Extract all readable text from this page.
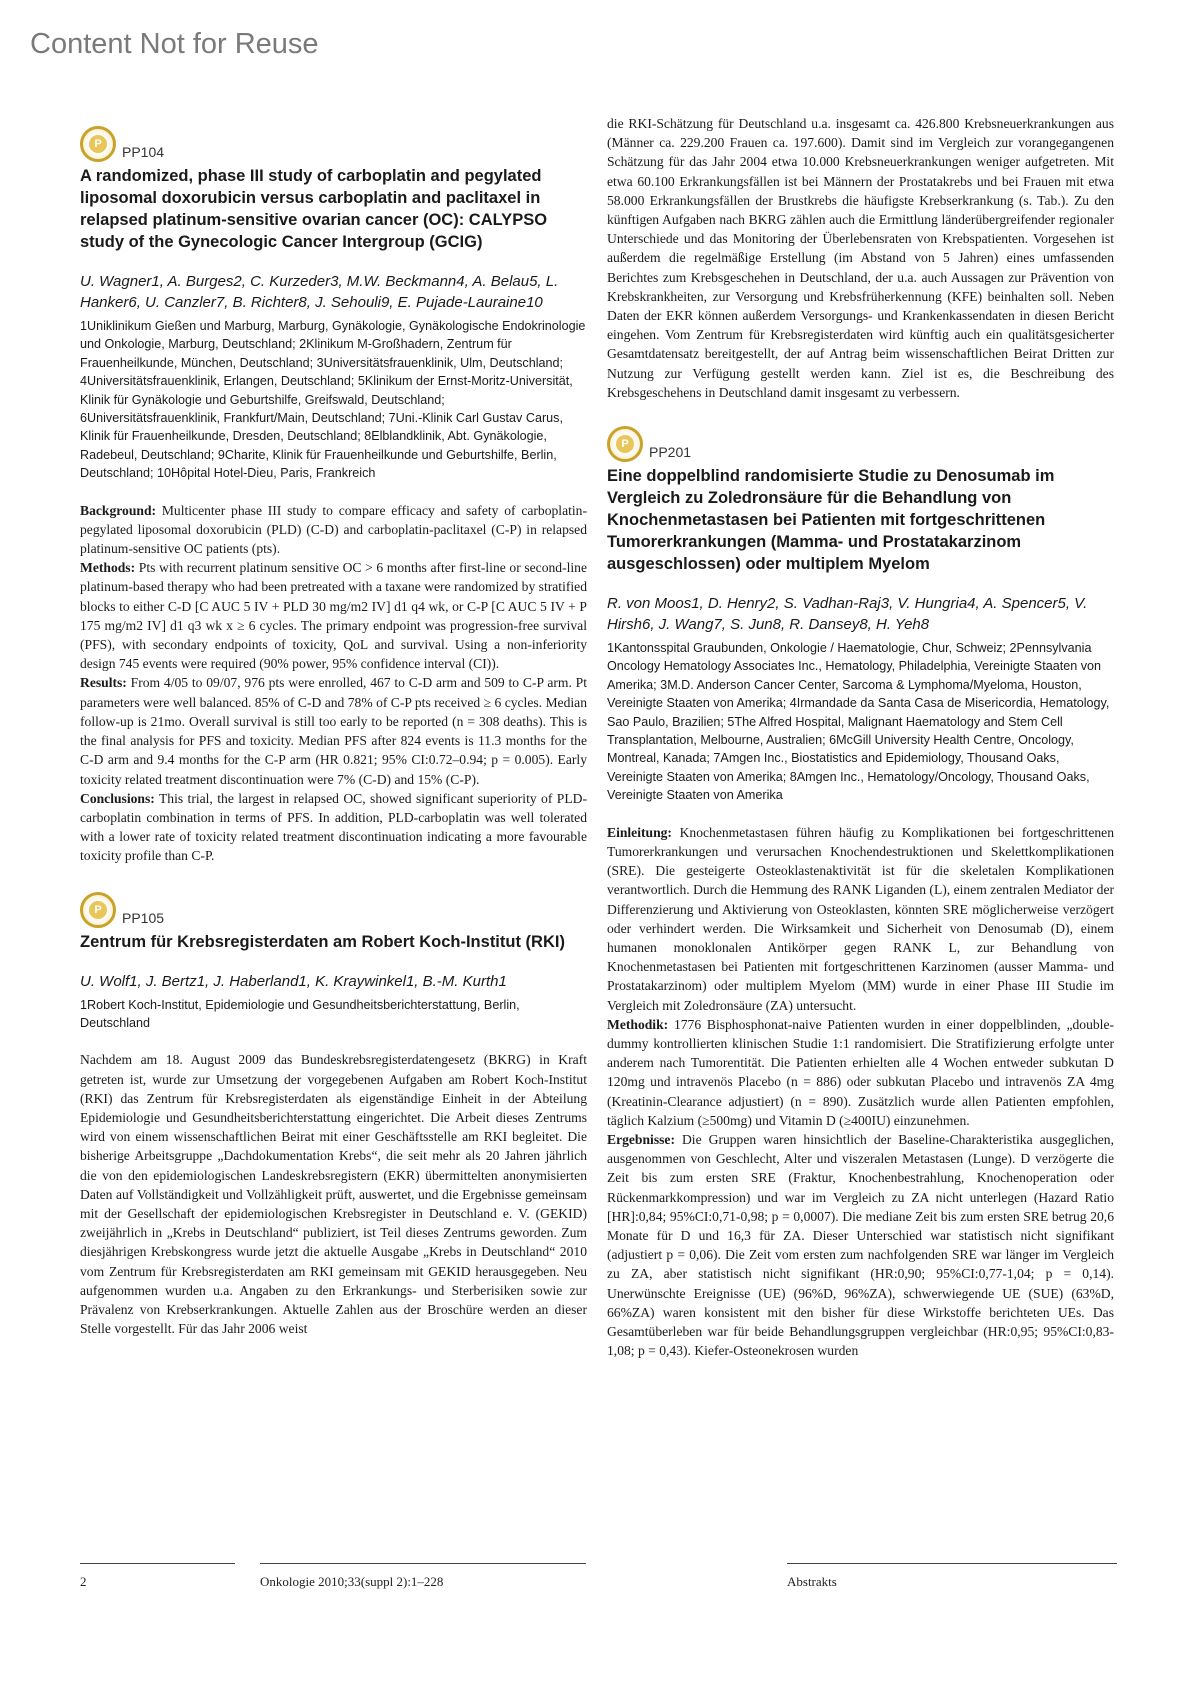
Content Not for Reuse
P	PP104

A randomized, phase III study of carboplatin and pegylated liposomal doxorubicin versus carboplatin and paclitaxel in relapsed platinum-sensitive ovarian cancer (OC): CALYPSO study of the Gynecologic Cancer Intergroup (GCIG)

U. Wagner1, A. Burges2, C. Kurzeder3, M.W. Beckmann4, A. Belau5, L. Hanker6, U. Canzler7, B. Richter8, J. Sehouli9, E. Pujade-Lauraine10

1Uniklinikum Gießen und Marburg, Marburg, Gynäkologie, Gynäkologische Endokrinologie und Onkologie, Marburg, Deutschland; 2Klinikum M-Großhadern, Zentrum für Frauenheilkunde, München, Deutschland; 3Universitätsfrauenklinik, Ulm, Deutschland; 4Universitätsfrauenklinik, Erlangen, Deutschland; 5Klinikum der Ernst-Moritz-Universität, Klinik für Gynäkologie und Geburtshilfe, Greifswald, Deutschland; 6Universitätsfrauenklinik, Frankfurt/Main, Deutschland; 7Uni.-Klinik Carl Gustav Carus, Klinik für Frauenheilkunde, Dresden, Deutschland; 8Elblandklinik, Abt. Gynäkologie, Radebeul, Deutschland; 9Charite, Klinik für Frauenheilkunde und Geburtshilfe, Berlin, Deutschland; 10Hôpital Hotel-Dieu, Paris, Frankreich

Background: Multicenter phase III study to compare efficacy and safety of carboplatin-pegylated liposomal doxorubicin (PLD) (C-D) and carboplatin-paclitaxel (C-P) in relapsed platinum-sensitive OC patients (pts).
Methods: Pts with recurrent platinum sensitive OC > 6 months after first-line or second-line platinum-based therapy who had been pretreated with a taxane were randomized by stratified blocks to either C-D [C AUC 5 IV + PLD 30 mg/m2 IV] d1 q4 wk, or C-P [C AUC 5 IV + P 175 mg/m2 IV] d1 q3 wk x ≥ 6 cycles. The primary endpoint was progression-free survival (PFS), with secondary endpoints of toxicity, QoL and survival. Using a non-inferiority design 745 events were required (90% power, 95% confidence interval (CI)).
Results: From 4/05 to 09/07, 976 pts were enrolled, 467 to C-D arm and 509 to C-P arm. Pt parameters were well balanced. 85% of C-D and 78% of C-P pts received ≥ 6 cycles. Median follow-up is 21mo. Overall survival is still too early to be reported (n = 308 deaths). This is the final analysis for PFS and toxicity. Median PFS after 824 events is 11.3 months for the C-D arm and 9.4 months for the C-P arm (HR 0.821; 95% CI:0.72–0.94; p = 0.005). Early toxicity related treatment discontinuation were 7% (C-D) and 15% (C-P).
Conclusions: This trial, the largest in relapsed OC, showed significant superiority of PLD-carboplatin combination in terms of PFS. In addition, PLD-carboplatin was well tolerated with a lower rate of toxicity related treatment discontinuation indicating a more favourable toxicity profile than C-P.

P	PP105

Zentrum für Krebsregisterdaten am Robert Koch-Institut (RKI)

U. Wolf1, J. Bertz1, J. Haberland1, K. Kraywinkel1, B.-M. Kurth1

1Robert Koch-Institut, Epidemiologie und Gesundheitsberichterstattung, Berlin, Deutschland

Nachdem am 18. August 2009 das Bundeskrebsregisterdatengesetz (BKRG) in Kraft getreten ist, wurde zur Umsetzung der vorgegebenen Aufgaben am Robert Koch-Institut (RKI) das Zentrum für Krebsregisterdaten als eigenständige Einheit in der Abteilung Epidemiologie und Gesundheitsberichterstattung eingerichtet. Die Arbeit dieses Zentrums wird von einem wissenschaftlichen Beirat mit einer Geschäftsstelle am RKI begleitet. Die bisherige Arbeitsgruppe „Dachdokumentation Krebs“, die seit mehr als 20 Jahren jährlich die von den epidemiologischen Landeskrebsregistern (EKR) übermittelten anonymisierten Daten auf Vollständigkeit und Vollzähligkeit prüft, auswertet, und die Ergebnisse gemeinsam mit der Gesellschaft der epidemiologischen Krebsregister in Deutschland e. V. (GEKID) zweijährlich in „Krebs in Deutschland“ publiziert, ist Teil dieses Zentrums geworden. Zum diesjährigen Krebskongress wurde jetzt die aktuelle Ausgabe „Krebs in Deutschland“ 2010 vom Zentrum für Krebsregisterdaten am RKI gemeinsam mit GEKID herausgegeben. Neu aufgenommen wurden u.a. Angaben zu den Erkrankungs- und Sterberisiken sowie zur Prävalenz von Krebserkrankungen. Aktuelle Zahlen aus der Broschüre werden an dieser Stelle vorgestellt. Für das Jahr 2006 weist

die RKI-Schätzung für Deutschland u.a. insgesamt ca. 426.800 Krebsneuerkrankungen aus (Männer ca. 229.200 Frauen ca. 197.600). Damit sind im Vergleich zur vorangegangenen Schätzung für das Jahr 2004 etwa 10.000 Krebsneuerkrankungen weniger aufgetreten. Mit etwa 60.100 Erkrankungsfällen ist bei Männern der Prostatakrebs und bei Frauen mit etwa 58.000 Erkrankungsfällen der Brustkrebs die häufigste Krebserkrankung (s. Tab.). Zu den künftigen Aufgaben nach BKRG zählen auch die Ermittlung länderübergreifender regionaler Unterschiede und das Monitoring der Überlebensraten von Krebspatienten. Vorgesehen ist außerdem die regelmäßige Erstellung (im Abstand von 5 Jahren) eines umfassenden Berichtes zum Krebsgeschehen in Deutschland, der u.a. auch Aussagen zur Prävention von Krebskrankheiten, zur Versorgung und Krebsfrüherkennung (KFE) beinhalten soll. Neben Daten der EKR können außerdem Versorgungs- und Krankenkassendaten in diesen Bericht eingehen. Vom Zentrum für Krebsregisterdaten wird künftig auch ein qualitätsgesicherter Gesamtdatensatz bereitgestellt, der auf Antrag beim wissenschaftlichen Beirat Dritten zur Nutzung zur Verfügung gestellt werden kann. Ziel ist es, die Beschreibung des Krebsgeschehens in Deutschland damit insgesamt zu verbessern.

P	PP201

Eine doppelblind randomisierte Studie zu Denosumab im Vergleich zu Zoledronsäure für die Behandlung von Knochenmetastasen bei Patienten mit fortgeschrittenen Tumorerkrankungen (Mamma- und Prostatakarzinom ausgeschlossen) oder multiplem Myelom

R. von Moos1, D. Henry2, S. Vadhan-Raj3, V. Hungria4, A. Spencer5, V. Hirsh6, J. Wang7, S. Jun8, R. Dansey8, H. Yeh8

1Kantonsspital Graubunden, Onkologie / Haematologie, Chur, Schweiz; 2Pennsylvania Oncology Hematology Associates Inc., Hematology, Philadelphia, Vereinigte Staaten von Amerika; 3M.D. Anderson Cancer Center, Sarcoma & Lymphoma/Myeloma, Houston, Vereinigte Staaten von Amerika; 4Irmandade da Santa Casa de Misericordia, Hematology, Sao Paulo, Brazilien; 5The Alfred Hospital, Malignant Haematology and Stem Cell Transplantation, Melbourne, Australien; 6McGill University Health Centre, Oncology, Montreal, Kanada; 7Amgen Inc., Biostatistics and Epidemiology, Thousand Oaks, Vereinigte Staaten von Amerika; 8Amgen Inc., Hematology/Oncology, Thousand Oaks, Vereinigte Staaten von Amerika

Einleitung: Knochenmetastasen führen häufig zu Komplikationen bei fortgeschrittenen Tumorerkrankungen und verursachen Knochendestruktionen und Skelettkomplikationen (SRE). Die gesteigerte Osteoklastenaktivität ist für die skeletalen Komplikationen verantwortlich. Durch die Hemmung des RANK Liganden (L), einem zentralen Mediator der Differenzierung und Aktivierung von Osteoklasten, könnten SRE möglicherweise verzögert oder verhindert werden. Die Wirksamkeit und Sicherheit von Denosumab (D), einem humanen monoklonalen Antikörper gegen RANK L, zur Behandlung von Knochenmetastasen bei Patienten mit fortgeschrittenen Karzinomen (ausser Mamma- und Prostatakarzinom) oder multiplem Myelom (MM) wurde in einer Phase III Studie im Vergleich mit Zoledronsäure (ZA) untersucht.
Methodik: 1776 Bisphosphonat-naive Patienten wurden in einer doppelblinden, „double-dummy kontrollierten klinischen Studie 1:1 randomisiert. Die Stratifizierung erfolgte unter anderem nach Tumorentität. Die Patienten erhielten alle 4 Wochen entweder subkutan D 120mg und intravenös Placebo (n = 886) oder subkutan Placebo und intravenös ZA 4mg (Kreatinin-Clearance adjustiert) (n = 890). Zusätzlich wurde allen Patienten empfohlen, täglich Kalzium (≥500mg) und Vitamin D (≥400IU) einzunehmen.
Ergebnisse: Die Gruppen waren hinsichtlich der Baseline-Charakteristika ausgeglichen, ausgenommen von Geschlecht, Alter und viszeralen Metastasen (Lunge). D verzögerte die Zeit bis zum ersten SRE (Fraktur, Knochenbestrahlung, Knochenoperation oder Rückenmarkkompression) und war im Vergleich zu ZA nicht unterlegen (Hazard Ratio [HR]:0,84; 95%CI:0,71-0,98; p = 0,0007). Die mediane Zeit bis zum ersten SRE betrug 20,6 Monate für D und 16,3 für ZA. Dieser Unterschied war statistisch nicht signifikant (adjustiert p = 0,06). Die Zeit vom ersten zum nachfolgenden SRE war länger im Vergleich zu ZA, aber statistisch nicht signifikant (HR:0,90; 95%CI:0,77-1,04; p = 0,14). Unerwünschte Ereignisse (UE) (96%D, 96%ZA), schwerwiegende UE (SUE) (63%D, 66%ZA) waren konsistent mit den bisher für diese Wirkstoffe berichteten UEs. Das Gesamtüberleben war für beide Behandlungsgruppen vergleichbar (HR:0,95; 95%CI:0,83-1,08; p = 0,43). Kiefer-Osteonekrosen wurden

2	Onkologie 2010;33(suppl 2):1–228	Abstrakts
